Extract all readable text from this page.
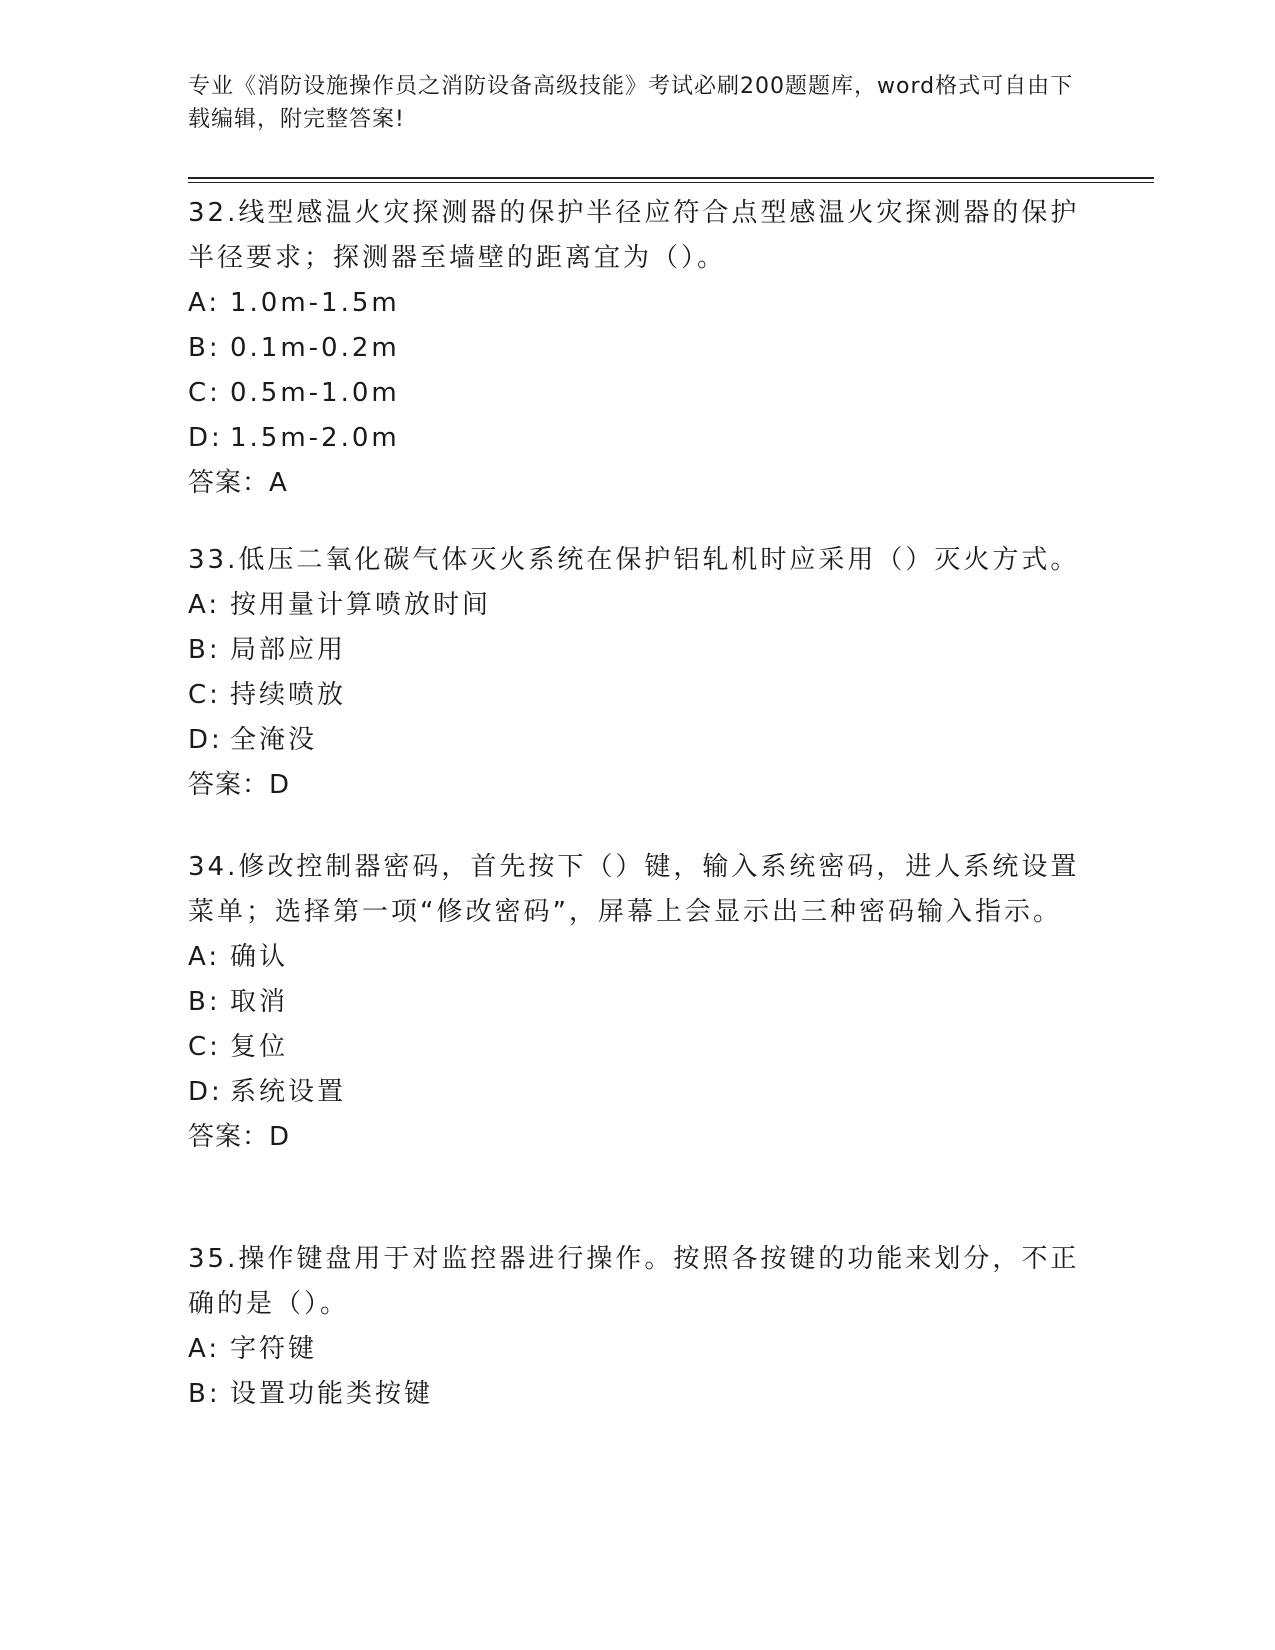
专业《消防设施操作员之消防设备高级技能》考试必刷200题题库，word格式可自由下载编辑，附完整答案!

32.线型感温火灾探测器的保护半径应符合点型感温火灾探测器的保护半径要求；探测器至墙壁的距离宜为（）。

A: 1.0m-1.5m

B: 0.1m-0.2m

C: 0.5m-1.0m

D: 1.5m-2.0m

答案：A

33.低压二氧化碳气体灭火系统在保护铝轧机时应采用（）灭火方式。

A: 按用量计算喷放时间

B: 局部应用

C: 持续喷放

D: 全淹没

答案：D

34.修改控制器密码，首先按下（）键，输入系统密码，进人系统设置菜单；选择第一项“修改密码”，屏幕上会显示出三种密码输入指示。

A: 确认

B: 取消

C: 复位

D: 系统设置

答案：D

35.操作键盘用于对监控器进行操作。按照各按键的功能来划分，不正确的是（）。

A: 字符键

B: 设置功能类按键
